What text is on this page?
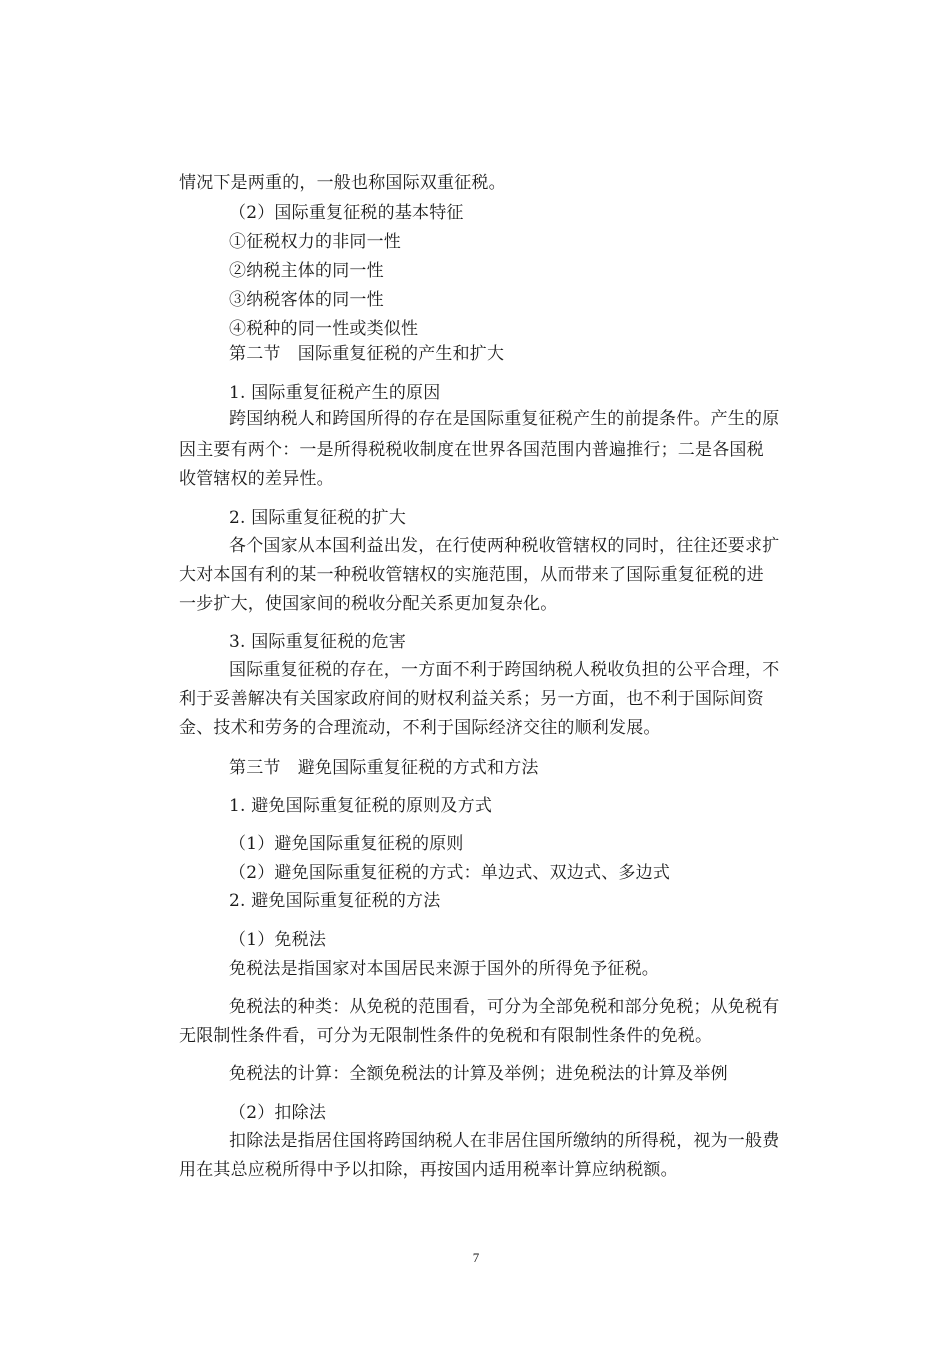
情况下是两重的，一般也称国际双重征税。
（2）国际重复征税的基本特征
①征税权力的非同一性
②纳税主体的同一性
③纳税客体的同一性
④税种的同一性或类似性
第二节　国际重复征税的产生和扩大
1. 国际重复征税产生的原因
跨国纳税人和跨国所得的存在是国际重复征税产生的前提条件。产生的原
因主要有两个：一是所得税税收制度在世界各国范围内普遍推行；二是各国税
收管辖权的差异性。
2. 国际重复征税的扩大
各个国家从本国利益出发，在行使两种税收管辖权的同时，往往还要求扩
大对本国有利的某一种税收管辖权的实施范围，从而带来了国际重复征税的进
一步扩大，使国家间的税收分配关系更加复杂化。
3. 国际重复征税的危害
国际重复征税的存在，一方面不利于跨国纳税人税收负担的公平合理，不
利于妥善解决有关国家政府间的财权利益关系；另一方面，也不利于国际间资
金、技术和劳务的合理流动，不利于国际经济交往的顺利发展。
第三节　避免国际重复征税的方式和方法
1. 避免国际重复征税的原则及方式
（1）避免国际重复征税的原则
（2）避免国际重复征税的方式：单边式、双边式、多边式
2. 避免国际重复征税的方法
（1）免税法
免税法是指国家对本国居民来源于国外的所得免予征税。
免税法的种类：从免税的范围看，可分为全部免税和部分免税；从免税有
无限制性条件看，可分为无限制性条件的免税和有限制性条件的免税。
免税法的计算：全额免税法的计算及举例；进免税法的计算及举例
（2）扣除法
扣除法是指居住国将跨国纳税人在非居住国所缴纳的所得税，视为一般费
用在其总应税所得中予以扣除，再按国内适用税率计算应纳税额。
7
